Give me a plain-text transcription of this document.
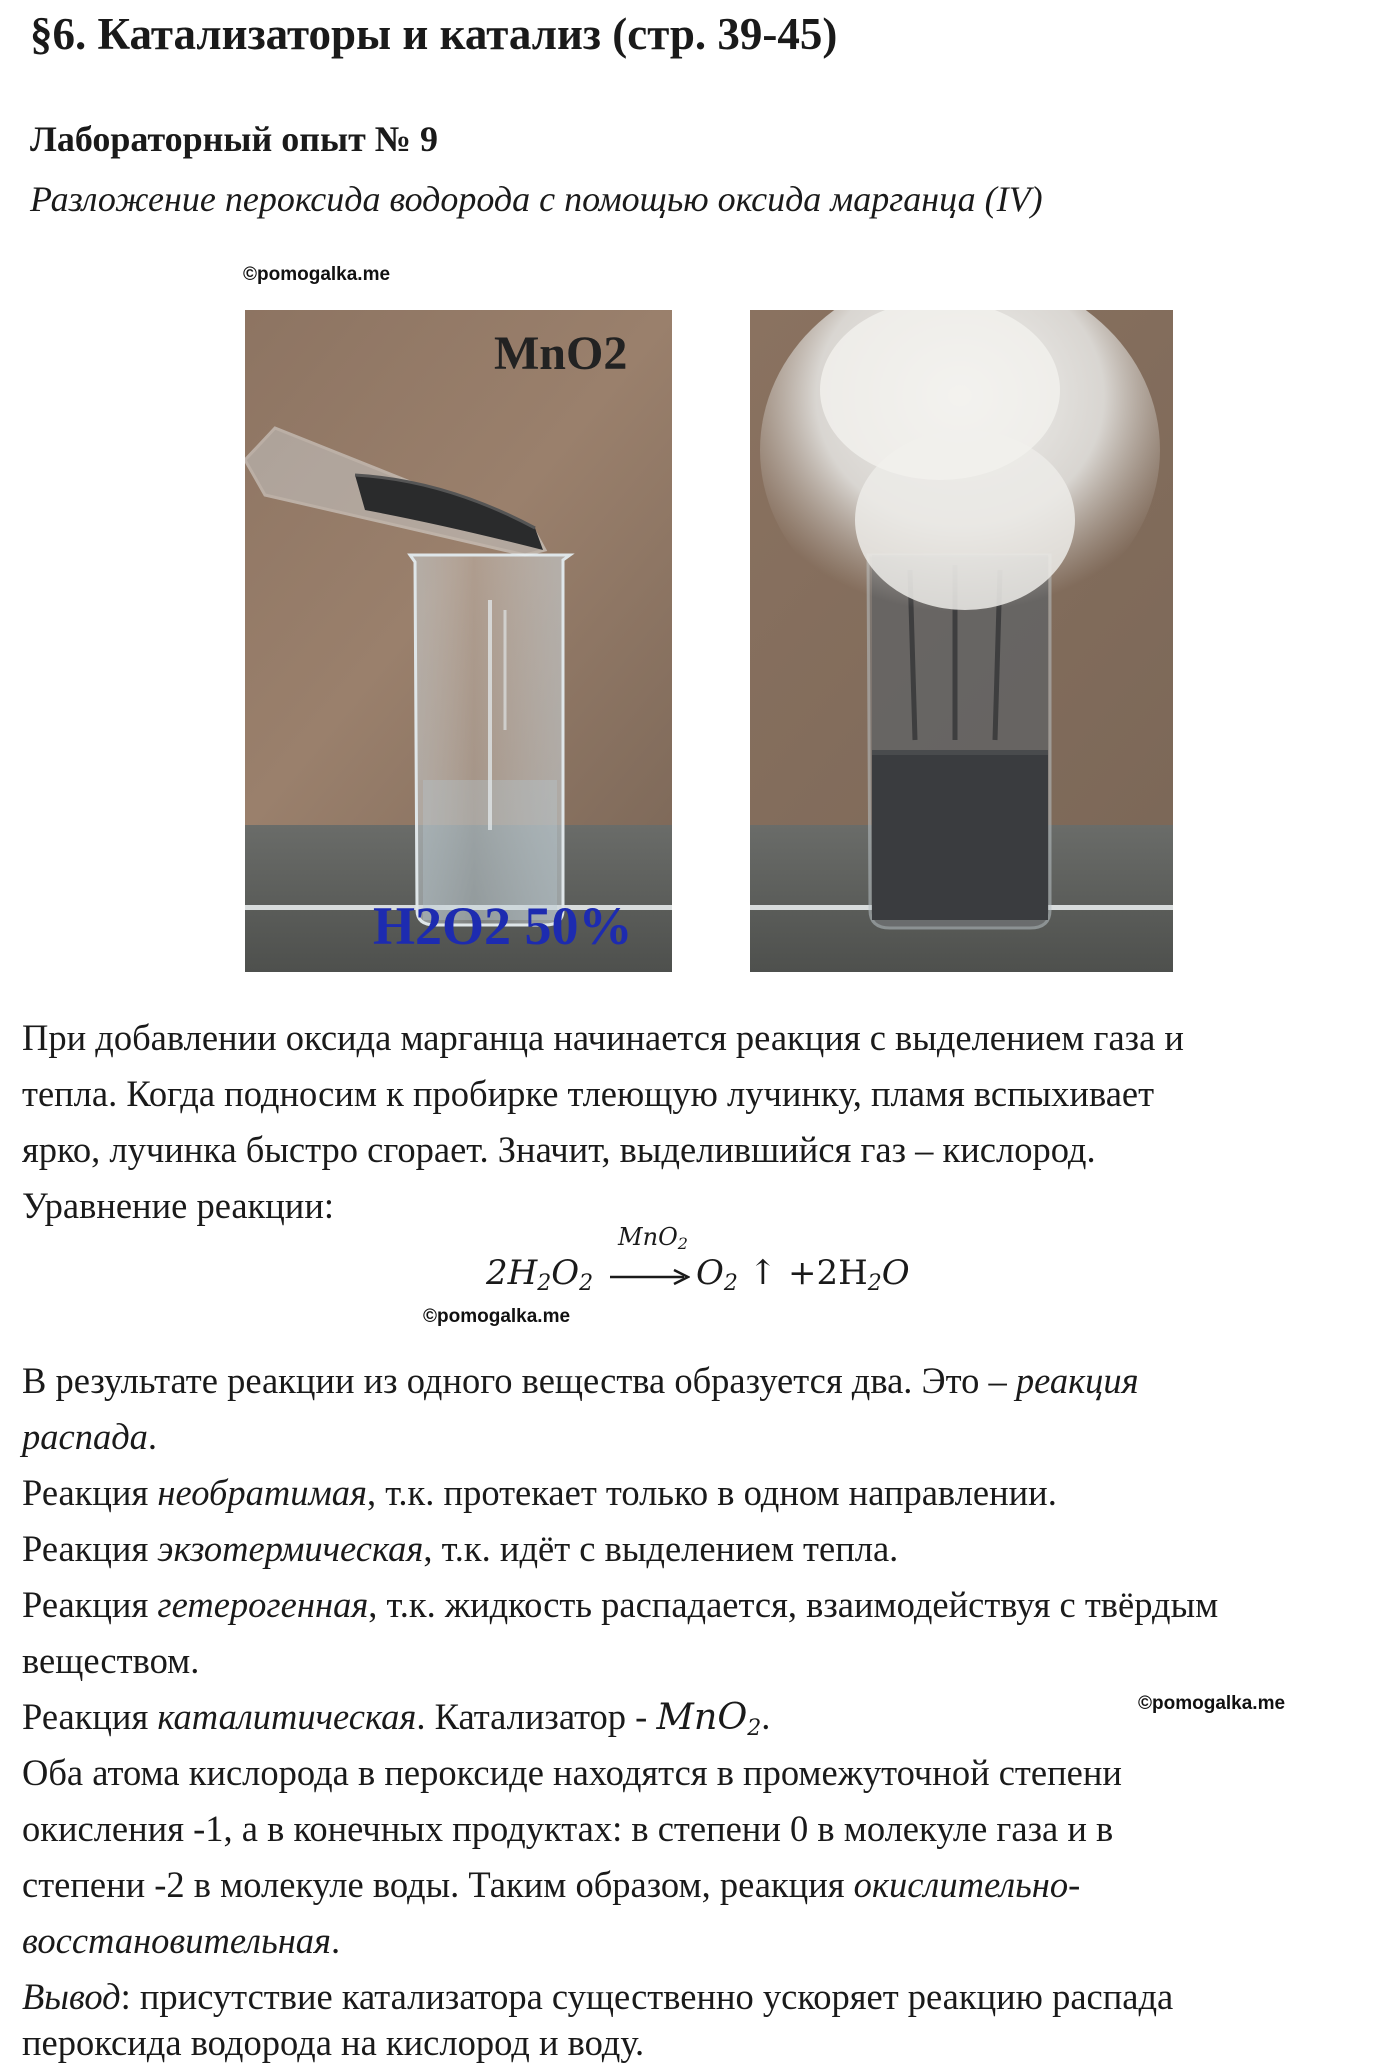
§6. Катализаторы и катализ (стр. 39-45)
Лабораторный опыт № 9
Разложение пероксида водорода с помощью оксида марганца (IV)
©pomogalka.me
MnO2
H2O2 50%
При добавлении оксида марганца начинается реакция с выделением газа и
тепла. Когда подносим к пробирке тлеющую лучинку, пламя вспыхивает
ярко, лучинка быстро сгорает. Значит, выделившийся газ – кислород.
Уравнение реакции:
$2H_2O_2$
MnO$_2$
→ $O_2$ ↑ $+2H_2O$
©pomogalka.me
В результате реакции из одного вещества образуется два. Это – реакция
распада.
Реакция необратимая, т.к. протекает только в одном направлении.
Реакция экзотермическая, т.к. идёт с выделением тепла.
Реакция гетерогенная, т.к. жидкость распадается, взаимодействуя с твёрдым
веществом.
Реакция каталитическая. Катализатор - MnO$_2$.	©pomogalka.me
Оба атома кислорода в пероксиде находятся в промежуточной степени
окисления -1, а в конечных продуктах: в степени 0 в молекуле газа и в
степени -2 в молекуле воды. Таким образом, реакция окислительно-
восстановительная.
Вывод: присутствие катализатора существенно ускоряет реакцию распада
пероксида водорода на кислород и воду.
